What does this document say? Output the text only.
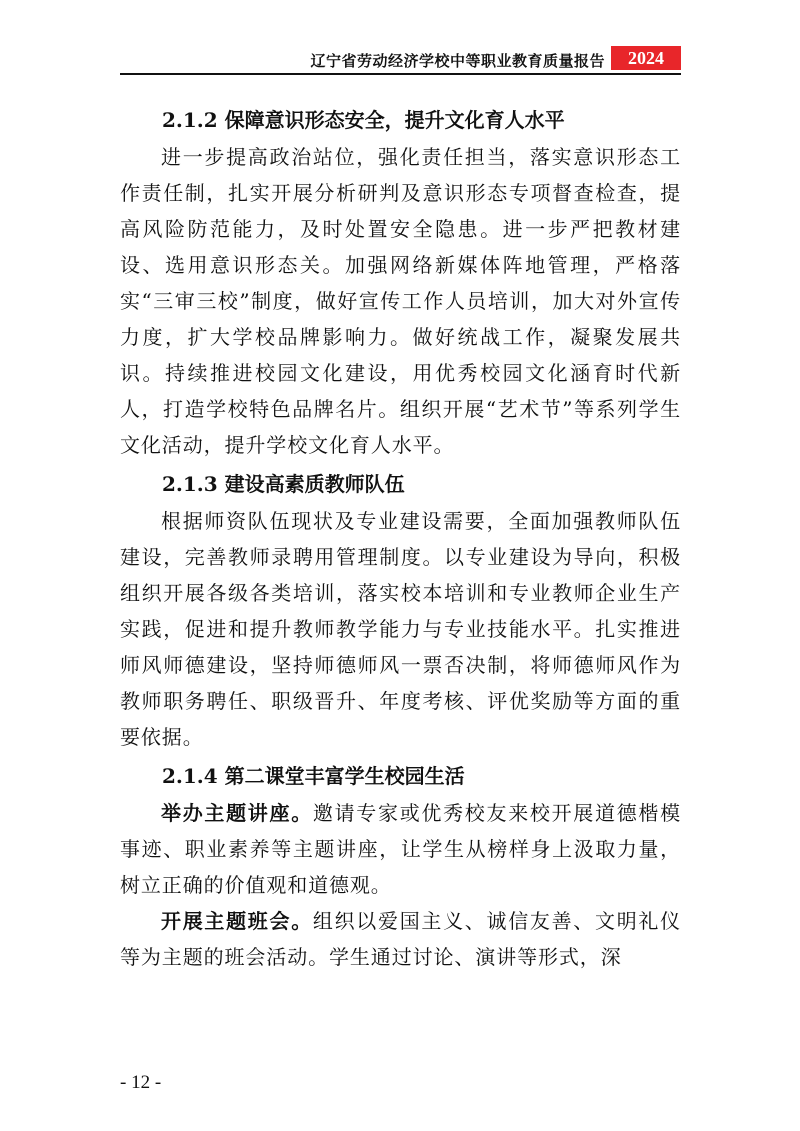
辽宁省劳动经济学校中等职业教育质量报告	2024
2.1.2 保障意识形态安全，提升文化育人水平

进一步提高政治站位，强化责任担当，落实意识形态工作责任制，扎实开展分析研判及意识形态专项督查检查，提高风险防范能力，及时处置安全隐患。进一步严把教材建设、选用意识形态关。加强网络新媒体阵地管理，严格落实“三审三校”制度，做好宣传工作人员培训，加大对外宣传力度，扩大学校品牌影响力。做好统战工作，凝聚发展共识。持续推进校园文化建设，用优秀校园文化涵育时代新人，打造学校特色品牌名片。组织开展“艺术节”等系列学生文化活动，提升学校文化育人水平。

2.1.3 建设高素质教师队伍

根据师资队伍现状及专业建设需要，全面加强教师队伍建设，完善教师录聘用管理制度。以专业建设为导向，积极组织开展各级各类培训，落实校本培训和专业教师企业生产实践，促进和提升教师教学能力与专业技能水平。扎实推进师风师德建设，坚持师德师风一票否决制，将师德师风作为教师职务聘任、职级晋升、年度考核、评优奖励等方面的重要依据。

2.1.4 第二课堂丰富学生校园生活

举办主题讲座。邀请专家或优秀校友来校开展道德楷模事迹、职业素养等主题讲座，让学生从榜样身上汲取力量，树立正确的价值观和道德观。

开展主题班会。组织以爱国主义、诚信友善、文明礼仪等为主题的班会活动。学生通过讨论、演讲等形式，深

- 12 -
